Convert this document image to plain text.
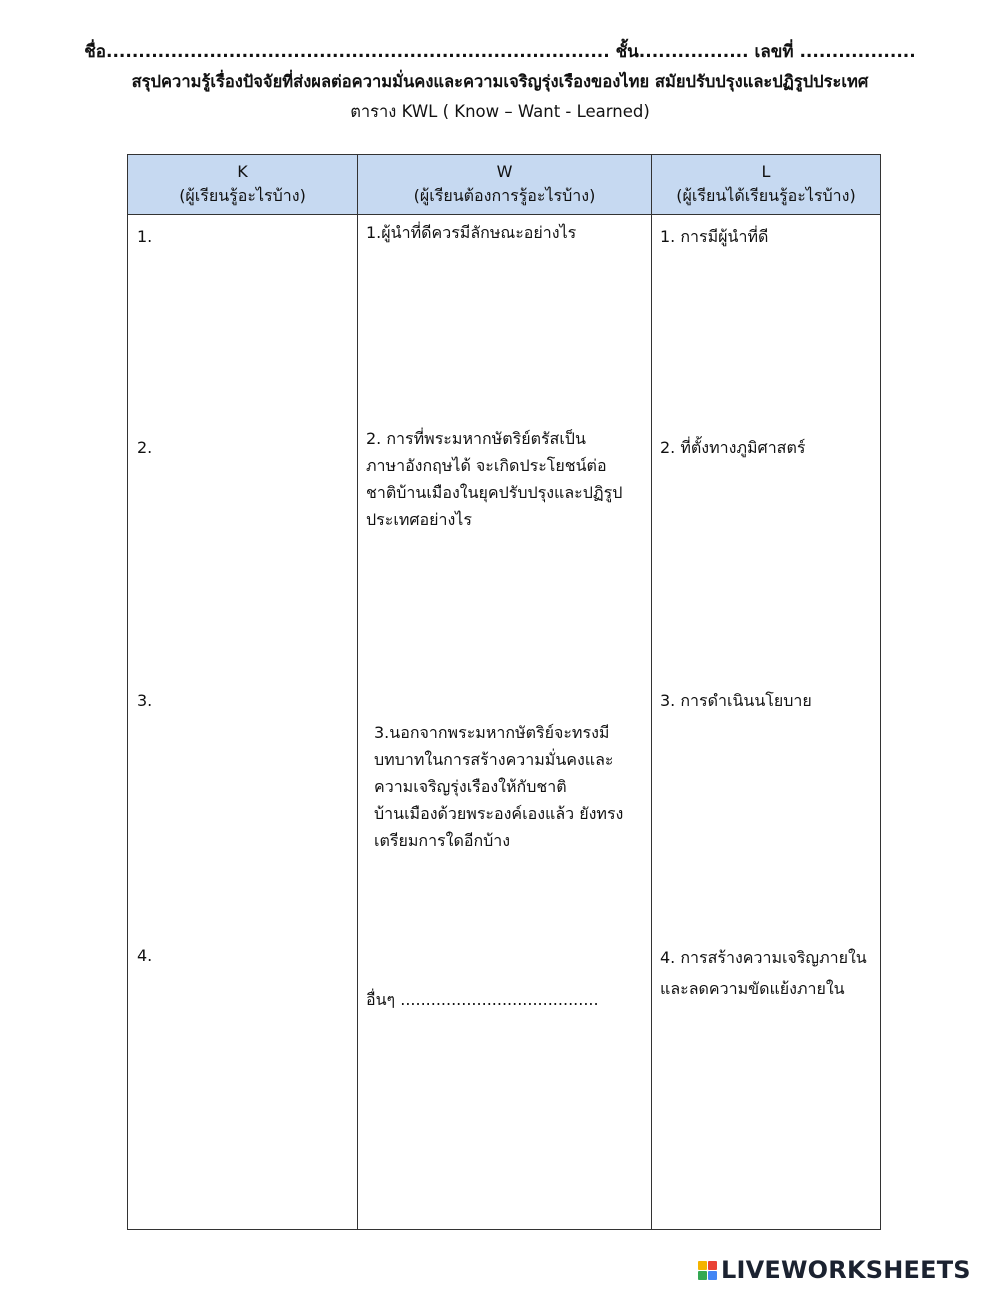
ชื่อ.............................................................................. ชั้น................. เลขที่ ..................
สรุปความรู้เรื่องปัจจัยที่ส่งผลต่อความมั่นคงและความเจริญรุ่งเรืองของไทย สมัยปรับปรุงและปฏิรูปประเทศ
ตาราง KWL ( Know – Want - Learned)
K
(ผู้เรียนรู้อะไรบ้าง)
1.
2.
3.
4.
W
(ผู้เรียนต้องการรู้อะไรบ้าง)
1.ผู้นำที่ดีควรมีลักษณะอย่างไร
2. การที่พระมหากษัตริย์ตรัสเป็น
ภาษาอังกฤษได้ จะเกิดประโยชน์ต่อ
ชาติบ้านเมืองในยุคปรับปรุงและปฏิรูป
ประเทศอย่างไร
3.นอกจากพระมหากษัตริย์จะทรงมี
บทบาทในการสร้างความมั่นคงและ
ความเจริญรุ่งเรืองให้กับชาติ
บ้านเมืองด้วยพระองค์เองแล้ว ยังทรง
เตรียมการใดอีกบ้าง
อื่นๆ .......................................
L
(ผู้เรียนได้เรียนรู้อะไรบ้าง)
1. การมีผู้นำที่ดี
2. ที่ตั้งทางภูมิศาสตร์
3. การดำเนินนโยบาย
4. การสร้างความเจริญภายใน
และลดความขัดแย้งภายใน
LIVEWORKSHEETS
